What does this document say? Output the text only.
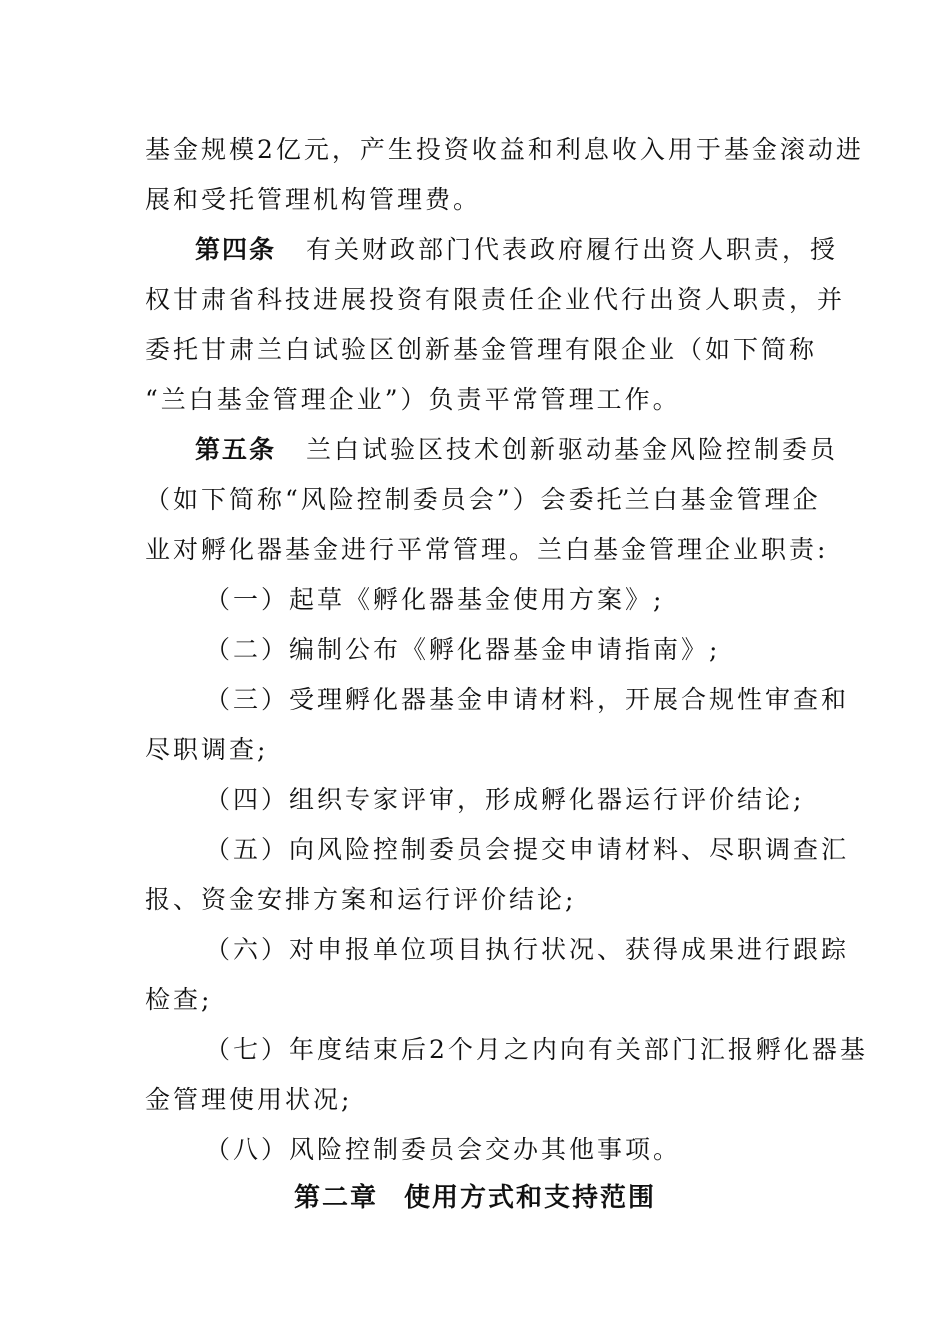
基金规模2亿元，产生投资收益和利息收入用于基金滚动进
展和受托管理机构管理费。
第四条 有关财政部门代表政府履行出资人职责，授
权甘肃省科技进展投资有限责任企业代行出资人职责，并
委托甘肃兰白试验区创新基金管理有限企业（如下简称
“兰白基金管理企业”）负责平常管理工作。
第五条 兰白试验区技术创新驱动基金风险控制委员
（如下简称“风险控制委员会”）会委托兰白基金管理企
业对孵化器基金进行平常管理。兰白基金管理企业职责:
（一）起草《孵化器基金使用方案》;
（二）编制公布《孵化器基金申请指南》;
（三）受理孵化器基金申请材料，开展合规性审查和
尽职调查;
（四）组织专家评审，形成孵化器运行评价结论;
（五）向风险控制委员会提交申请材料、尽职调查汇
报、资金安排方案和运行评价结论;
（六）对申报单位项目执行状况、获得成果进行跟踪
检查;
（七）年度结束后2个月之内向有关部门汇报孵化器基
金管理使用状况;
（八）风险控制委员会交办其他事项。
第二章 使用方式和支持范围
